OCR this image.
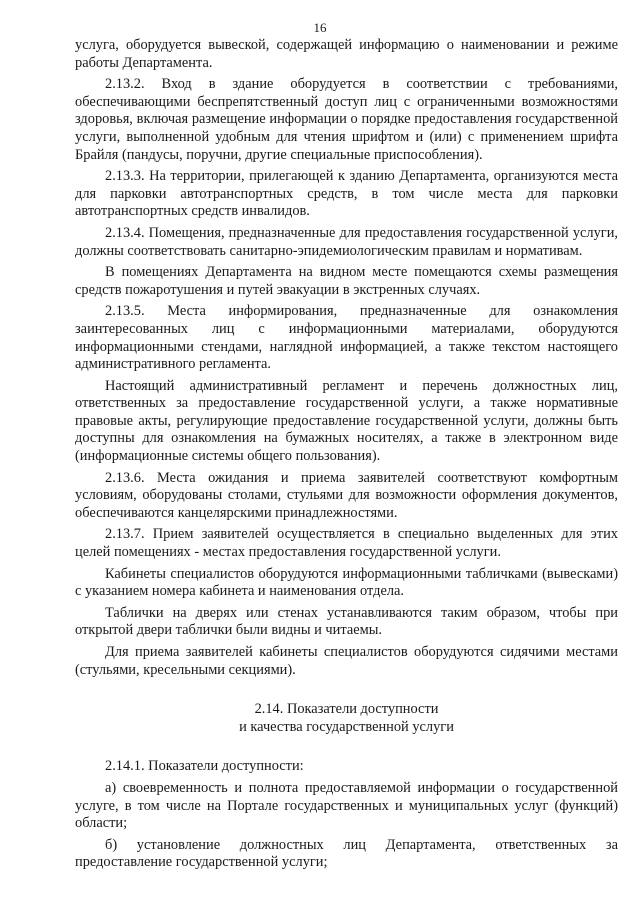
16

услуга, оборудуется вывеской, содержащей информацию о наименовании и режиме работы Департамента.

2.13.2. Вход в здание оборудуется в соответствии с требованиями, обеспечивающими беспрепятственный доступ лиц с ограниченными возможностями здоровья, включая размещение информации о порядке предоставления государственной услуги, выполненной удобным для чтения шрифтом и (или) с применением шрифта Брайля (пандусы, поручни, другие специальные приспособления).

2.13.3. На территории, прилегающей к зданию Департамента, организуются места для парковки автотранспортных средств, в том числе места для парковки автотранспортных средств инвалидов.

2.13.4. Помещения, предназначенные для предоставления государственной услуги, должны соответствовать санитарно-эпидемиологическим правилам и нормативам.

В помещениях Департамента на видном месте помещаются схемы размещения средств пожаротушения и путей эвакуации в экстренных случаях.

2.13.5. Места информирования, предназначенные для ознакомления заинтересованных лиц с информационными материалами, оборудуются информационными стендами, наглядной информацией, а также текстом настоящего административного регламента.

Настоящий административный регламент и перечень должностных лиц, ответственных за предоставление государственной услуги, а также нормативные правовые акты, регулирующие предоставление государственной услуги, должны быть доступны для ознакомления на бумажных носителях, а также в электронном виде (информационные системы общего пользования).

2.13.6. Места ожидания и приема заявителей соответствуют комфортным условиям, оборудованы столами, стульями для возможности оформления документов, обеспечиваются канцелярскими принадлежностями.

2.13.7. Прием заявителей осуществляется в специально выделенных для этих целей помещениях - местах предоставления государственной услуги.

Кабинеты специалистов оборудуются информационными табличками (вывесками) с указанием номера кабинета и наименования отдела.

Таблички на дверях или стенах устанавливаются таким образом, чтобы при открытой двери таблички были видны и читаемы.

Для приема заявителей кабинеты специалистов оборудуются сидячими местами (стульями, кресельными секциями).

2.14. Показатели доступности
и качества государственной услуги

2.14.1. Показатели доступности:

а) своевременность и полнота предоставляемой информации о государственной услуге, в том числе на Портале государственных и муниципальных услуг (функций) области;

б) установление должностных лиц Департамента, ответственных за предоставление государственной услуги;
